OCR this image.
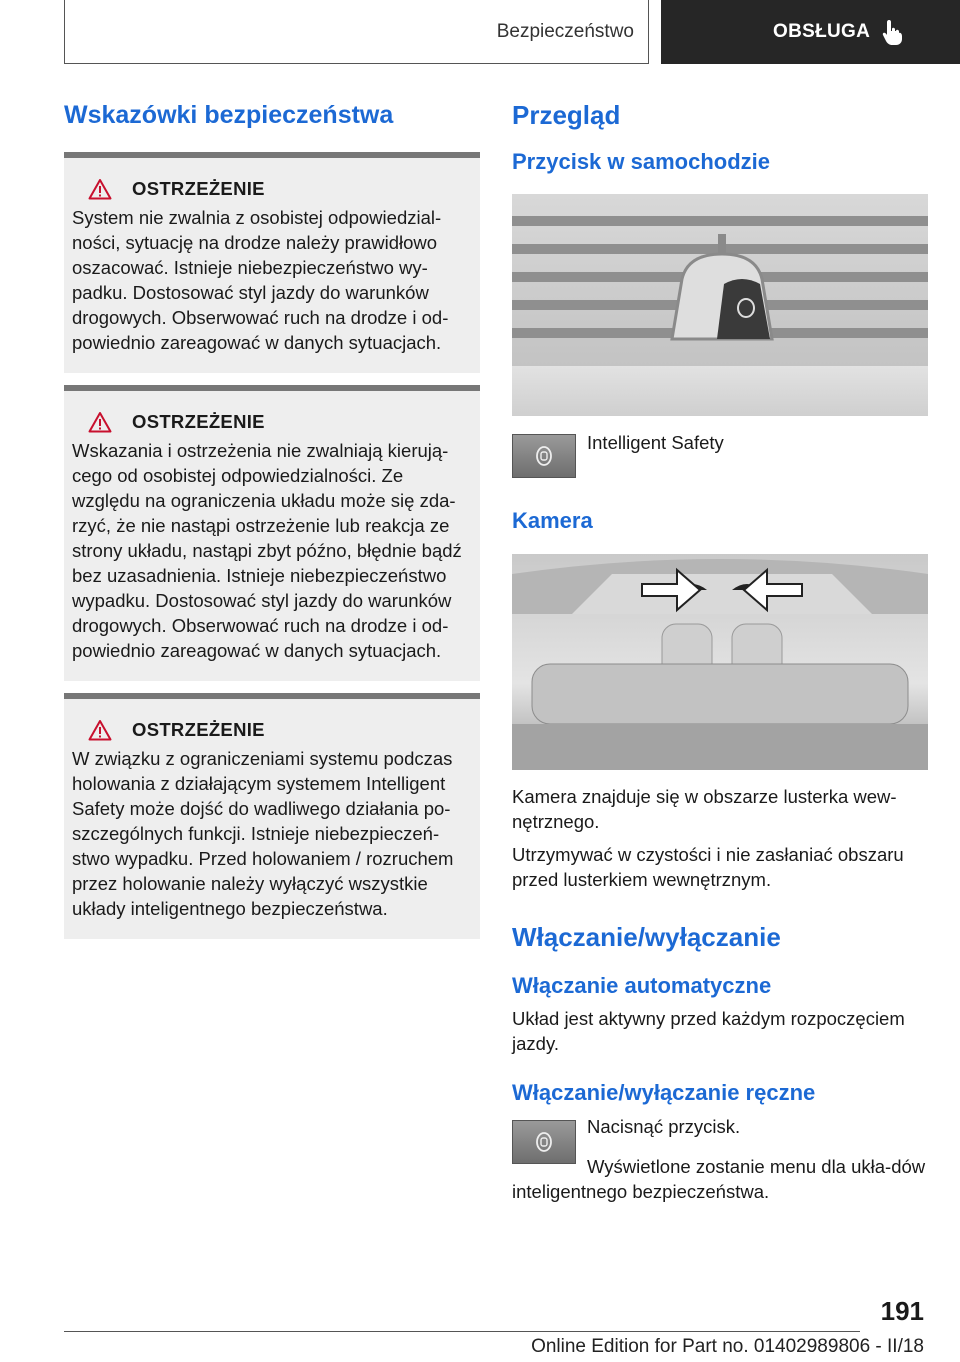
Bezpieczeństwo	OBSŁUGA
Wskazówki bezpieczeństwa
OSTRZEŻENIE

System nie zwalnia z osobistej odpowiedzial‐ności, sytuację na drodze należy prawidłowo oszacować. Istnieje niebezpieczeństwo wy‐padku. Dostosować styl jazdy do warunków drogowych. Obserwować ruch na drodze i od‐powiednio zareagować w danych sytuacjach.

OSTRZEŻENIE

Wskazania i ostrzeżenia nie zwalniają kierują‐cego od osobistej odpowiedzialności. Ze względu na ograniczenia układu może się zda‐rzyć, że nie nastąpi ostrzeżenie lub reakcja ze strony układu, nastąpi zbyt późno, błędnie bądź bez uzasadnienia. Istnieje niebezpieczeństwo wypadku. Dostosować styl jazdy do warunków drogowych. Obserwować ruch na drodze i od‐powiednio zareagować w danych sytuacjach.

OSTRZEŻENIE

W związku z ograniczeniami systemu podczas holowania z działającym systemem Intelligent Safety może dojść do wadliwego działania po‐szczególnych funkcji. Istnieje niebezpieczeń‐stwo wypadku. Przed holowaniem / rozruchem przez holowanie należy wyłączyć wszystkie układy inteligentnego bezpieczeństwa.

Przegląd
Przycisk w samochodzie
Intelligent Safety
Kamera

Kamera znajduje się w obszarze lusterka wew‐nętrznego.

Utrzymywać w czystości i nie zasłaniać obszaru przed lusterkiem wewnętrznym.

Włączanie/wyłączanie
Włączanie automatyczne

Układ jest aktywny przed każdym rozpoczęciem jazdy.

Włączanie/wyłączanie ręczne

Nacisnąć przycisk.

Wyświetlone zostanie menu dla ukła‐dów inteligentnego bezpieczeństwa.

191
Online Edition for Part no. 01402989806 - II/18
